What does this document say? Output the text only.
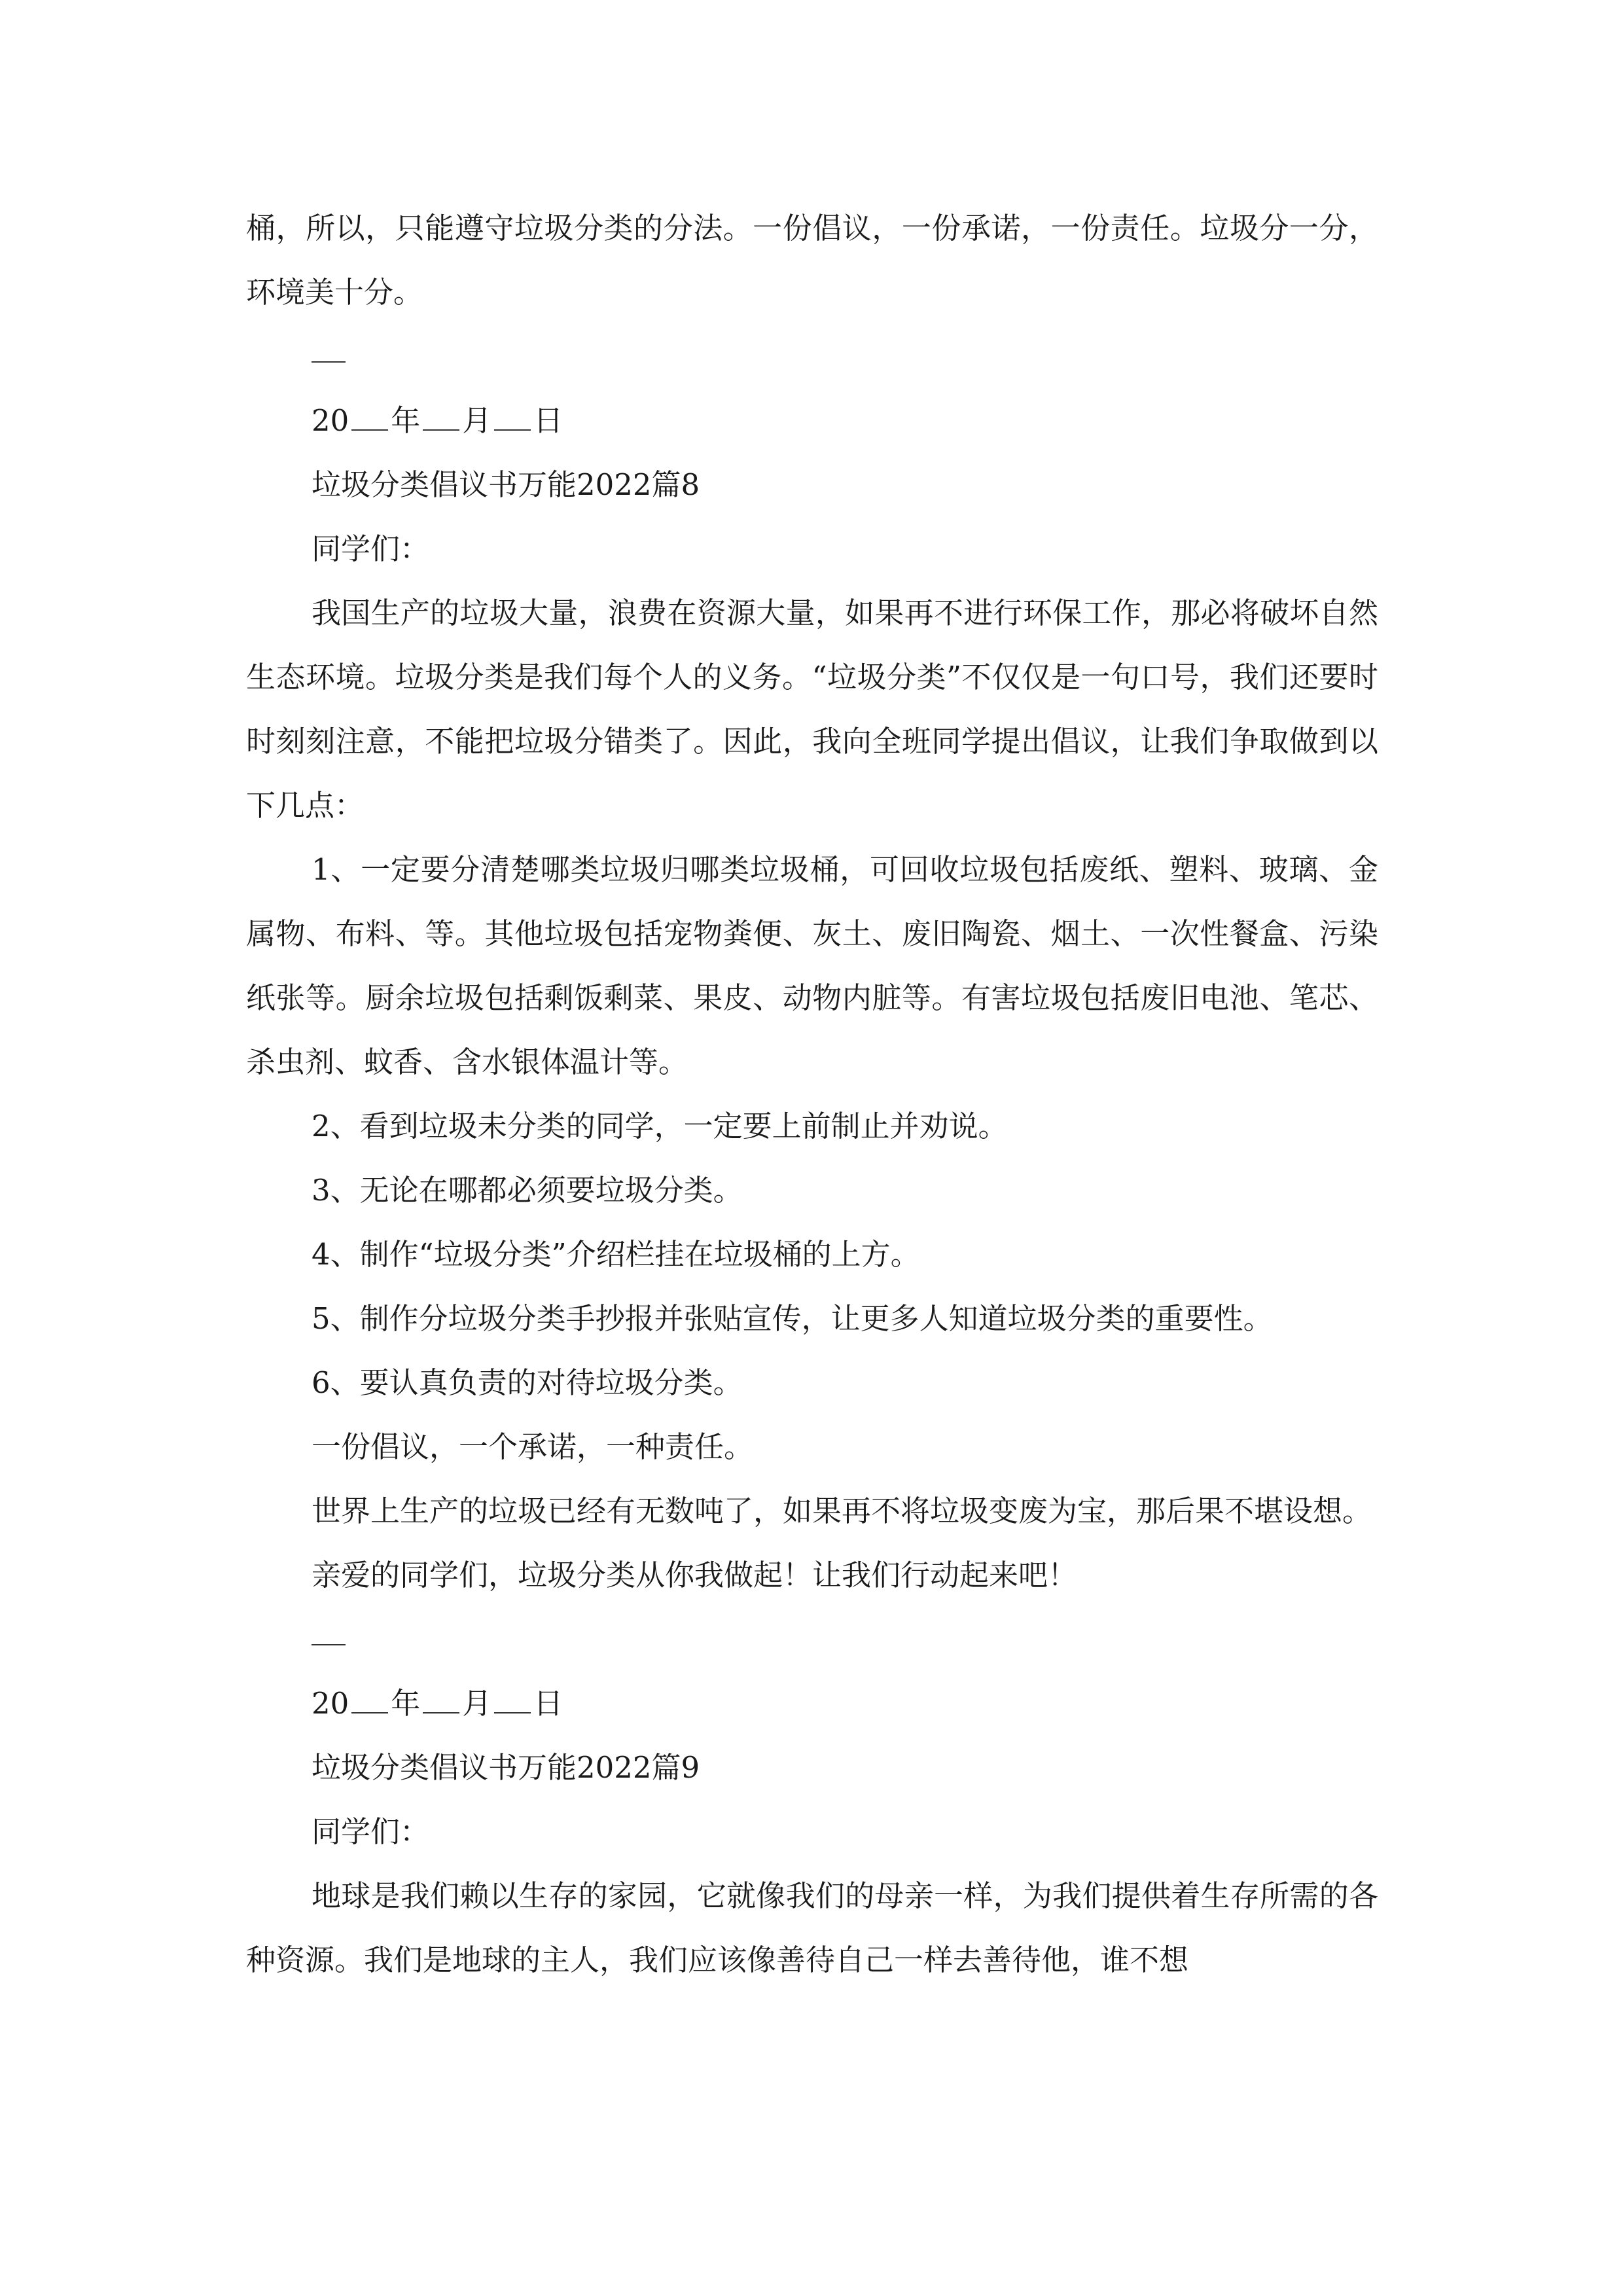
桶，所以，只能遵守垃圾分类的分法。一份倡议，一份承诺，一份责任。垃圾分一分，环境美十分。

20 年 月 日

垃圾分类倡议书万能2022篇8

同学们：

我国生产的垃圾大量，浪费在资源大量，如果再不进行环保工作，那必将破坏自然生态环境。垃圾分类是我们每个人的义务。“垃圾分类”不仅仅是一句口号，我们还要时时刻刻注意，不能把垃圾分错类了。因此，我向全班同学提出倡议，让我们争取做到以下几点：

1、一定要分清楚哪类垃圾归哪类垃圾桶，可回收垃圾包括废纸、塑料、玻璃、金属物、布料、等。其他垃圾包括宠物粪便、灰土、废旧陶瓷、烟土、一次性餐盒、污染纸张等。厨余垃圾包括剩饭剩菜、果皮、动物内脏等。有害垃圾包括废旧电池、笔芯、杀虫剂、蚊香、含水银体温计等。

2、看到垃圾未分类的同学，一定要上前制止并劝说。

3、无论在哪都必须要垃圾分类。

4、制作“垃圾分类”介绍栏挂在垃圾桶的上方。

5、制作分垃圾分类手抄报并张贴宣传，让更多人知道垃圾分类的重要性。

6、要认真负责的对待垃圾分类。

一份倡议，一个承诺，一种责任。

世界上生产的垃圾已经有无数吨了，如果再不将垃圾变废为宝，那后果不堪设想。

亲爱的同学们，垃圾分类从你我做起！让我们行动起来吧！

20 年 月 日

垃圾分类倡议书万能2022篇9

同学们：

地球是我们赖以生存的家园，它就像我们的母亲一样，为我们提供着生存所需的各种资源。我们是地球的主人，我们应该像善待自己一样去善待他，谁不想
